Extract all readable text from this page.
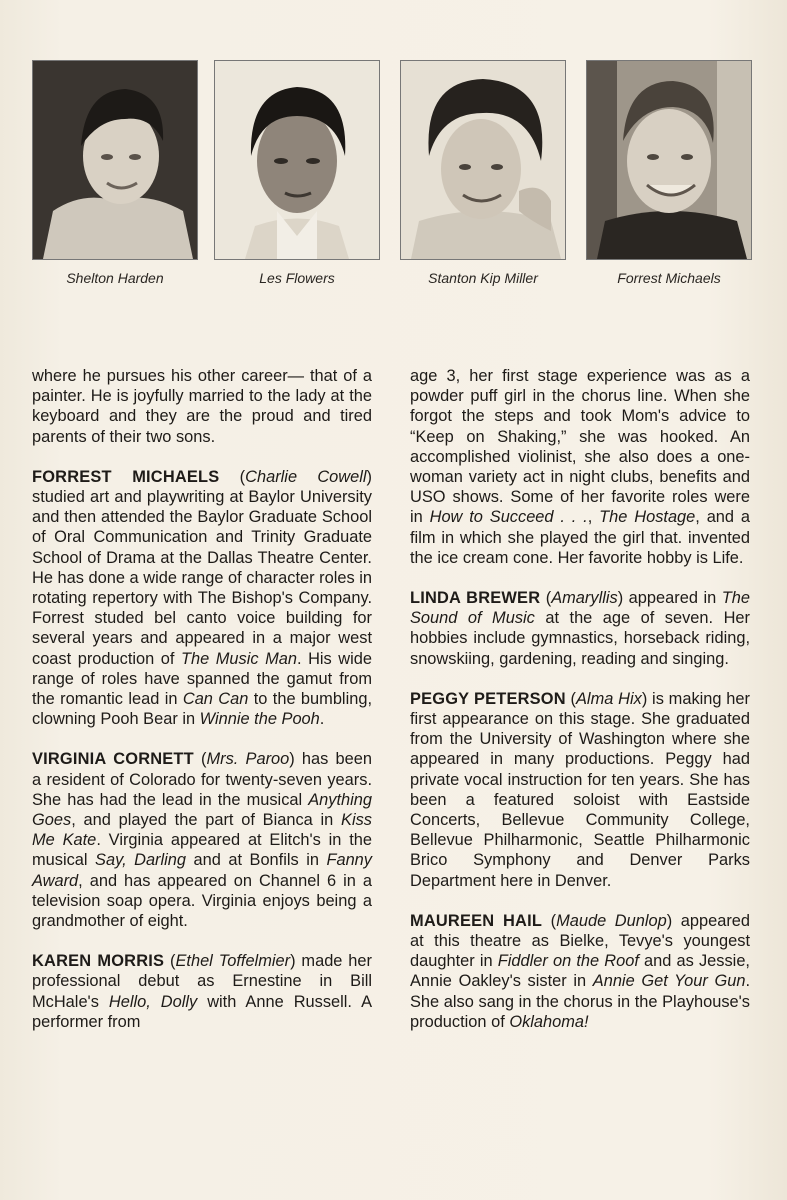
Shelton Harden	Les Flowers	Stanton Kip Miller	Forrest Michaels

where he pursues his other career— that of a painter. He is joyfully married to the lady at the keyboard and they are the proud and tired parents of their two sons.

FORREST MICHAELS (Charlie Cowell) studied art and playwriting at Baylor University and then attended the Baylor Graduate School of Oral Communication and Trinity Graduate School of Drama at the Dallas Theatre Center. He has done a wide range of character roles in rotating repertory with The Bishop's Company. Forrest studed bel canto voice building for several years and appeared in a major west coast production of The Music Man. His wide range of roles have spanned the gamut from the romantic lead in Can Can to the bumbling, clowning Pooh Bear in Winnie the Pooh.

VIRGINIA CORNETT (Mrs. Paroo) has been a resident of Colorado for twenty-seven years. She has had the lead in the musical Anything Goes, and played the part of Bianca in Kiss Me Kate. Virginia appeared at Elitch's in the musical Say, Darling and at Bonfils in Fanny Award, and has appeared on Channel 6 in a television soap opera. Virginia enjoys being a grandmother of eight.

KAREN MORRIS (Ethel Toffelmier) made her professional debut as Ernestine in Bill McHale's Hello, Dolly with Anne Russell. A performer from

age 3, her first stage experience was as a powder puff girl in the chorus line. When she forgot the steps and took Mom's advice to “Keep on Shaking,” she was hooked. An accomplished violinist, she also does a one-woman variety act in night clubs, benefits and USO shows. Some of her favorite roles were in How to Succeed . . ., The Hostage, and a film in which she played the girl that. invented the ice cream cone. Her favorite hobby is Life.

LINDA BREWER (Amaryllis) appeared in The Sound of Music at the age of seven. Her hobbies include gymnastics, horseback riding, snowskiing, gardening, reading and singing.

PEGGY PETERSON (Alma Hix) is making her first appearance on this stage. She graduated from the University of Washington where she appeared in many productions. Peggy had private vocal instruction for ten years. She has been a featured soloist with Eastside Concerts, Bellevue Community College, Bellevue Philharmonic, Seattle Philharmonic Brico Symphony and Denver Parks Department here in Denver.

MAUREEN HAIL (Maude Dunlop) appeared at this theatre as Bielke, Tevye's youngest daughter in Fiddler on the Roof and as Jessie, Annie Oakley's sister in Annie Get Your Gun. She also sang in the chorus in the Playhouse's production of Oklahoma!
